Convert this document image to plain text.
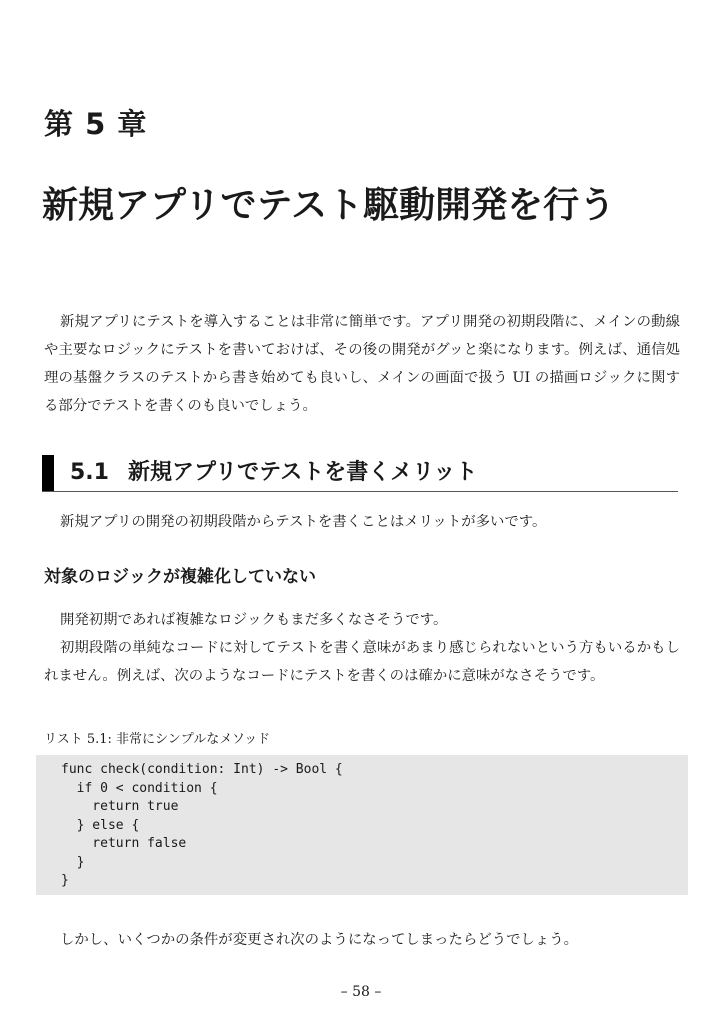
第 5 章
新規アプリでテスト駆動開発を行う

新規アプリにテストを導入することは非常に簡単です。アプリ開発の初期段階に、メインの動線や主要なロジックにテストを書いておけば、その後の開発がグッと楽になります。例えば、通信処理の基盤クラスのテストから書き始めても良いし、メインの画面で扱う UI の描画ロジックに関する部分でテストを書くのも良いでしょう。

5.1 新規アプリでテストを書くメリット

新規アプリの開発の初期段階からテストを書くことはメリットが多いです。

対象のロジックが複雑化していない

開発初期であれば複雑なロジックもまだ多くなさそうです。

初期段階の単純なコードに対してテストを書く意味があまり感じられないという方もいるかもしれません。例えば、次のようなコードにテストを書くのは確かに意味がなさそうです。

リスト 5.1: 非常にシンプルなメソッド

func check(condition: Int) -> Bool {
if 0 < condition {
return true
} else {
return false
}
}

しかし、いくつかの条件が変更され次のようになってしまったらどうでしょう。

– 58 –
